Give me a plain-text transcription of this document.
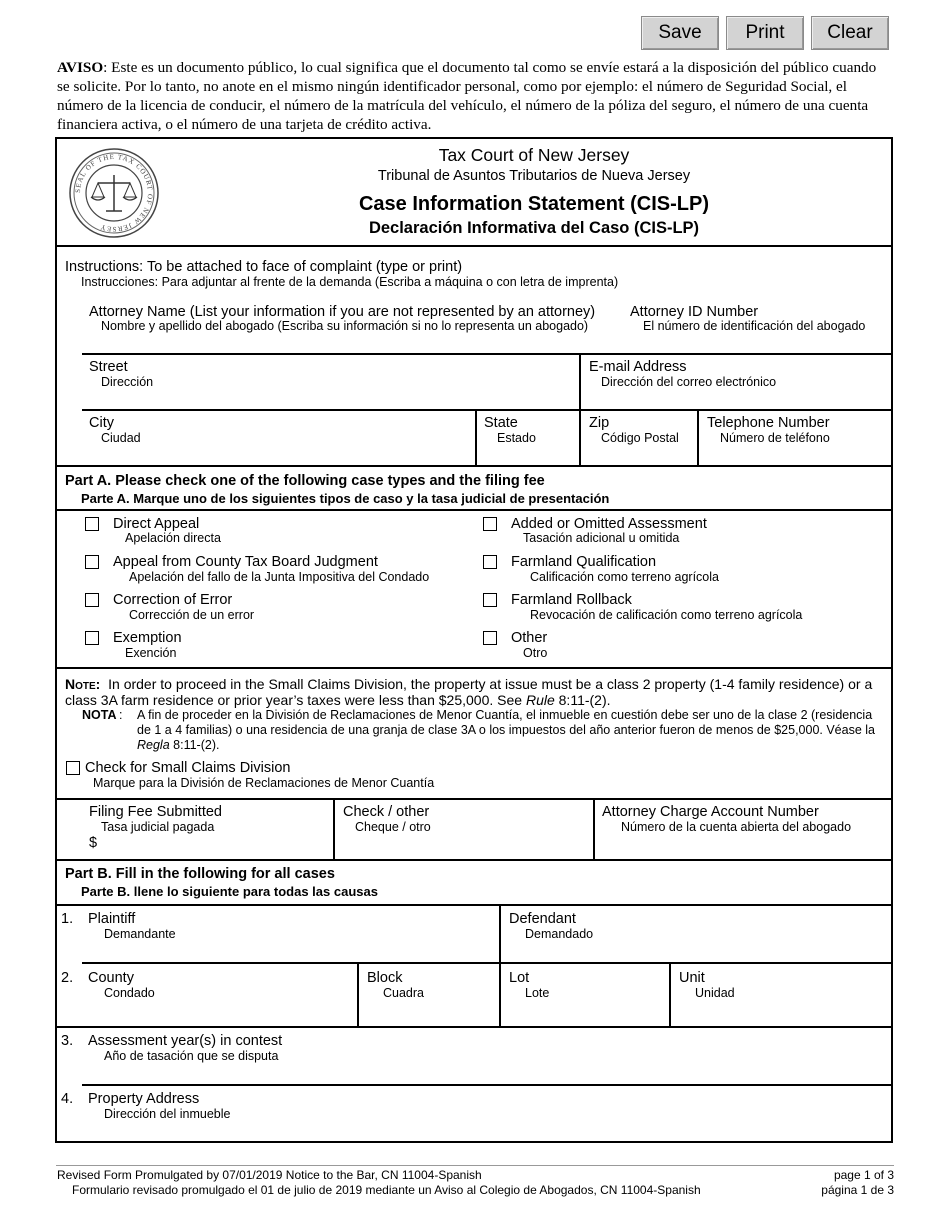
Save	Print	Clear
AVISO: Este es un documento público, lo cual significa que el documento tal como se envíe estará a la disposición del público cuando se solicite. Por lo tanto, no anote en el mismo ningún identificador personal, como por ejemplo: el número de Seguridad Social, el número de la licencia de conducir, el número de la matrícula del vehículo, el número de la póliza del seguro, el número de una cuenta financiera activa, o el número de una tarjeta de crédito activa.
SEAL OF THE TAX COURT OF NEW JERSEY
Tax Court of New Jersey
Tribunal de Asuntos Tributarios de Nueva Jersey
Case Information Statement (CIS-LP)
Declaración Informativa del Caso (CIS-LP)
Instructions: To be attached to face of complaint (type or print)
Instrucciones: Para adjuntar al frente de la demanda (Escriba a máquina o con letra de imprenta)
Attorney Name (List your information if you are not represented by an attorney)
Nombre y apellido del abogado (Escriba su información si no lo representa un abogado)
Attorney ID Number
El número de identificación del abogado
Street
Dirección
E-mail Address
Dirección del correo electrónico
City
Ciudad
State
Estado
Zip
Código Postal
Telephone Number
Número de teléfono
Part A. Please check one of the following case types and the filing fee
Parte A. Marque uno de los siguientes tipos de caso y la tasa judicial de presentación
Direct Appeal
Apelación directa
Appeal from County Tax Board Judgment
Apelación del fallo de la Junta Impositiva del Condado
Correction of Error
Corrección de un error
Exemption
Exención
Added or Omitted Assessment
Tasación adicional u omitida
Farmland Qualification
Calificación como terreno agrícola
Farmland Rollback
Revocación de calificación como terreno agrícola
Other
Otro
Note: In order to proceed in the Small Claims Division, the property at issue must be a class 2 property (1-4 family residence) or a class 3A farm residence or prior year’s taxes were less than $25,000. See Rule 8:11-(2).
NOTA : A fin de proceder en la División de Reclamaciones de Menor Cuantía, el inmueble en cuestión debe ser uno de la clase 2 (residencia de 1 a 4 familias) o una residencia de una granja de clase 3A o los impuestos del año anterior fueron de menos de $25,000. Véase la Regla 8:11-(2).
Check for Small Claims Division
Marque para la División de Reclamaciones de Menor Cuantía
Filing Fee Submitted
Tasa judicial pagada
$
Check / other
Cheque / otro
Attorney Charge Account Number
Número de la cuenta abierta del abogado
Part B. Fill in the following for all cases
Parte B. llene lo siguiente para todas las causas
1. Plaintiff
Demandante
Defendant
Demandado
2. County
Condado
Block
Cuadra
Lot
Lote
Unit
Unidad
3. Assessment year(s) in contest
Año de tasación que se disputa
4. Property Address
Dirección del inmueble
Revised Form Promulgated by 07/01/2019 Notice to the Bar, CN 11004-Spanish
Formulario revisado promulgado el 01 de julio de 2019 mediante un Aviso al Colegio de Abogados, CN 11004-Spanish
page 1 of 3
página 1 de 3
